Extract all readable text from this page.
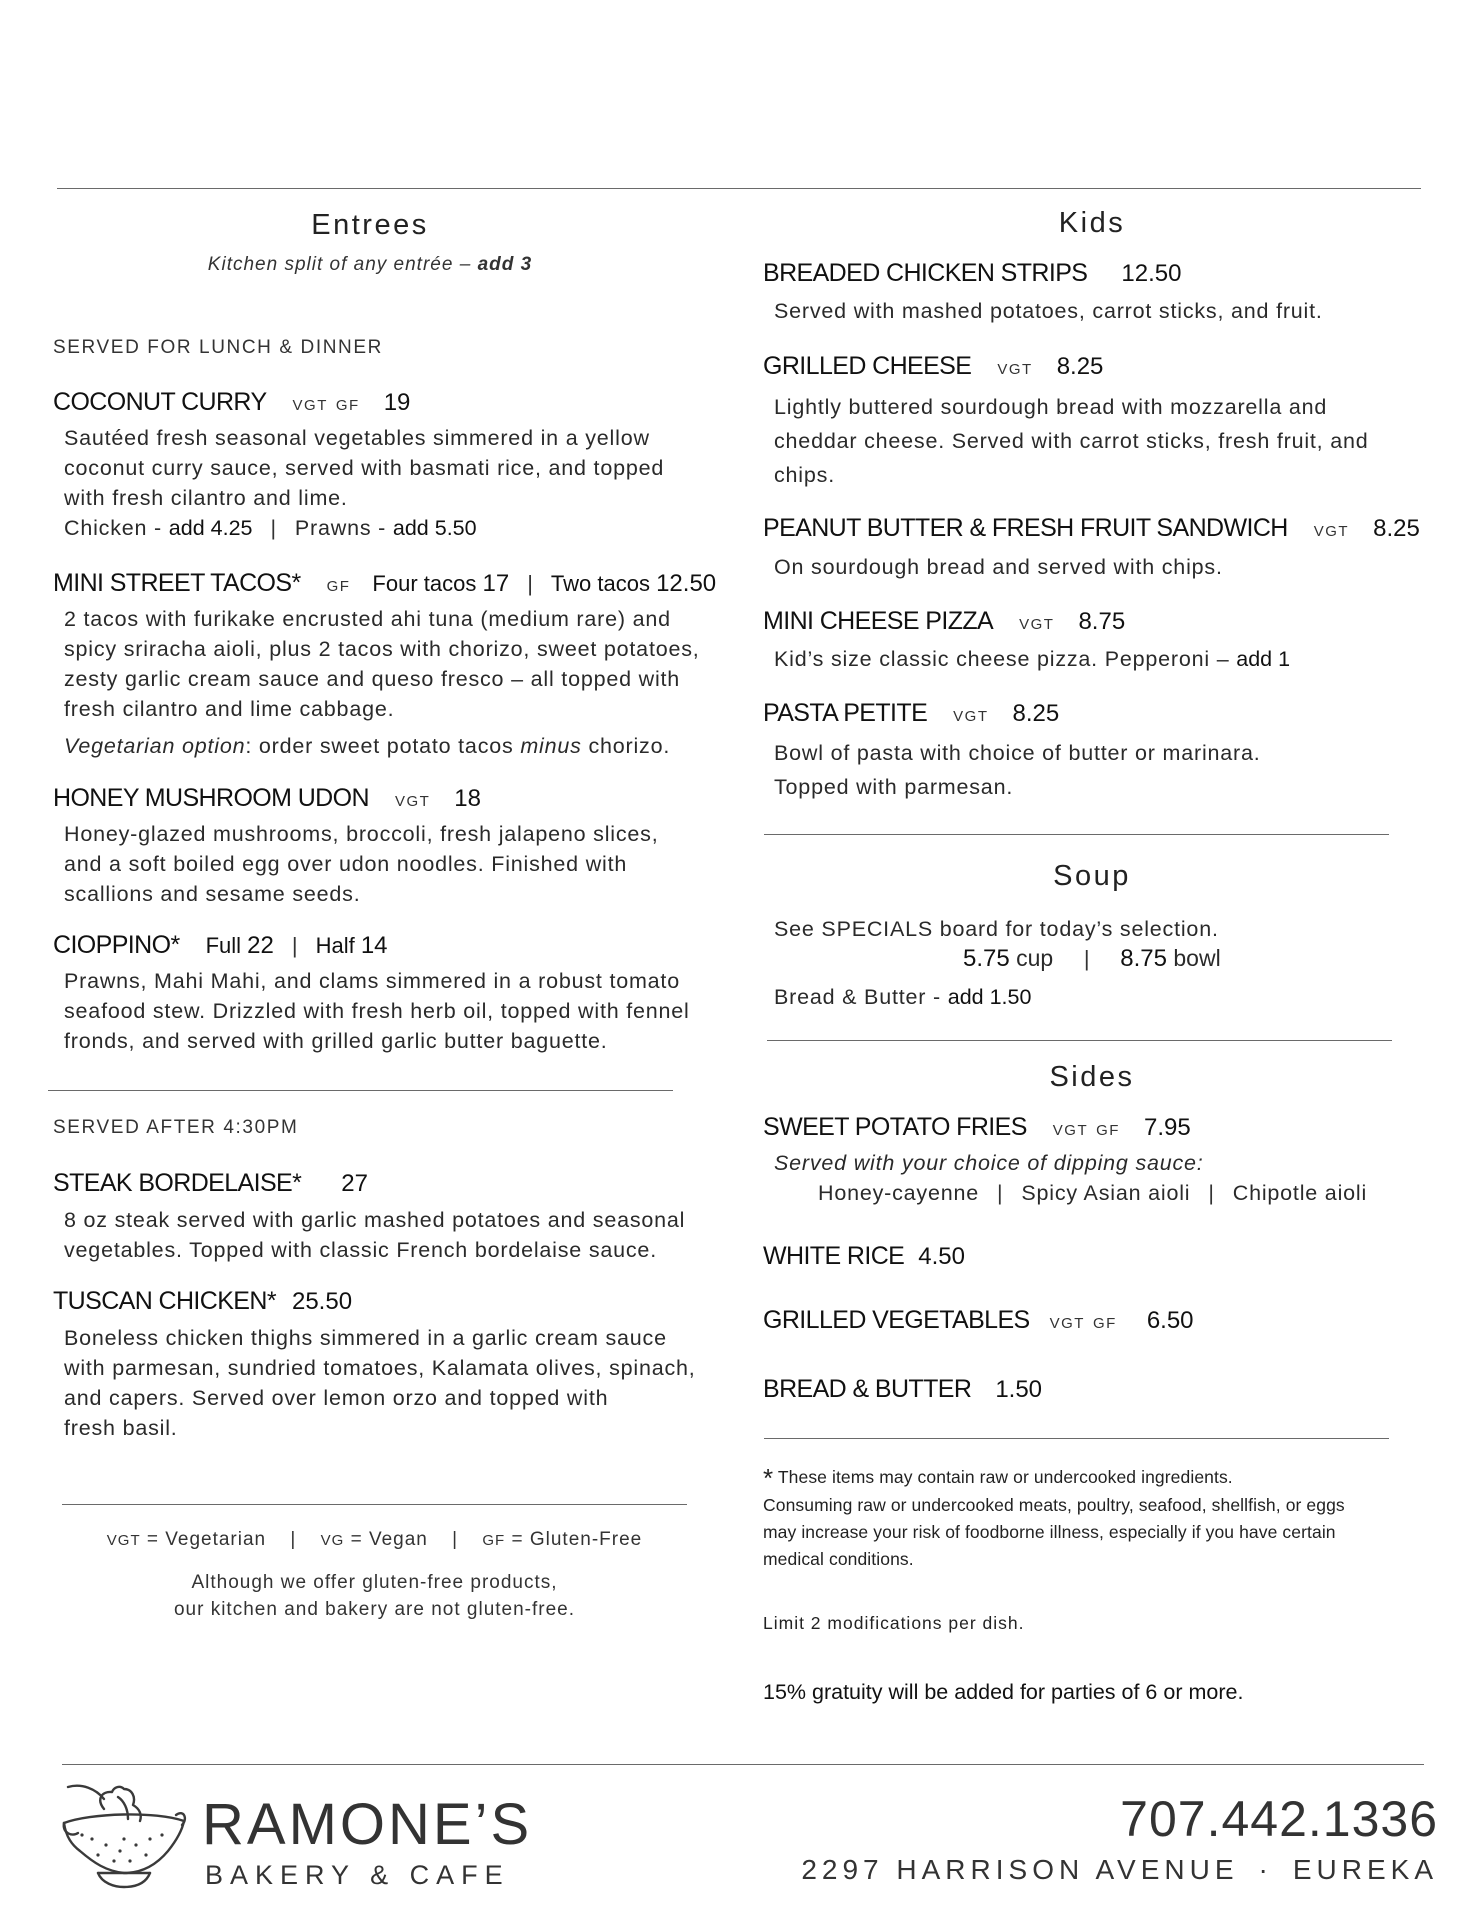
Entrees
Kitchen split of any entrée – add 3
SERVED FOR LUNCH & DINNER
COCONUT CURRY VGT GF 19

Sautéed fresh seasonal vegetables simmered in a yellow
coconut curry sauce, served with basmati rice, and topped
with fresh cilantro and lime.
Chicken - add 4.25 | Prawns - add 5.50

MINI STREET TACOS* GF Four tacos 17 | Two tacos 12.50

2 tacos with furikake encrusted ahi tuna (medium rare) and
spicy sriracha aioli, plus 2 tacos with chorizo, sweet potatoes,
zesty garlic cream sauce and queso fresco – all topped with
fresh cilantro and lime cabbage.

Vegetarian option: order sweet potato tacos minus chorizo.

HONEY MUSHROOM UDON VGT 18

Honey-glazed mushrooms, broccoli, fresh jalapeno slices,
and a soft boiled egg over udon noodles. Finished with
scallions and sesame seeds.

CIOPPINO* Full 22 | Half 14

Prawns, Mahi Mahi, and clams simmered in a robust tomato
seafood stew. Drizzled with fresh herb oil, topped with fennel
fronds, and served with grilled garlic butter baguette.

SERVED AFTER 4:30PM
STEAK BORDELAISE* 27

8 oz steak served with garlic mashed potatoes and seasonal
vegetables. Topped with classic French bordelaise sauce.

TUSCAN CHICKEN* 25.50

Boneless chicken thighs simmered in a garlic cream sauce
with parmesan, sundried tomatoes, Kalamata olives, spinach,
and capers. Served over lemon orzo and topped with
fresh basil.

VGT = Vegetarian | VG = Vegan | GF = Gluten-Free
Although we offer gluten-free products,
our kitchen and bakery are not gluten-free.
Kids
BREADED CHICKEN STRIPS 12.50

Served with mashed potatoes, carrot sticks, and fruit.

GRILLED CHEESE VGT 8.25

Lightly buttered sourdough bread with mozzarella and
cheddar cheese. Served with carrot sticks, fresh fruit, and
chips.

PEANUT BUTTER & FRESH FRUIT SANDWICH VGT 8.25

On sourdough bread and served with chips.

MINI CHEESE PIZZA VGT 8.75

Kid’s size classic cheese pizza. Pepperoni – add 1

PASTA PETITE VGT 8.25

Bowl of pasta with choice of butter or marinara.
Topped with parmesan.

Soup

See SPECIALS board for today’s selection.

5.75 cup | 8.75 bowl

Bread & Butter - add 1.50

Sides
SWEET POTATO FRIES VGT GF 7.95

Served with your choice of dipping sauce:

Honey-cayenne | Spicy Asian aioli | Chipotle aioli
WHITE RICE 4.50
GRILLED VEGETABLES VGT GF 6.50
BREAD & BUTTER 1.50
* These items may contain raw or undercooked ingredients.
Consuming raw or undercooked meats, poultry, seafood, shellfish, or eggs
may increase your risk of foodborne illness, especially if you have certain
medical conditions.
Limit 2 modifications per dish.
15% gratuity will be added for parties of 6 or more.
RAMONE’S
BAKERY & CAFE
707.442.1336
2297 HARRISON AVENUE · EUREKA
